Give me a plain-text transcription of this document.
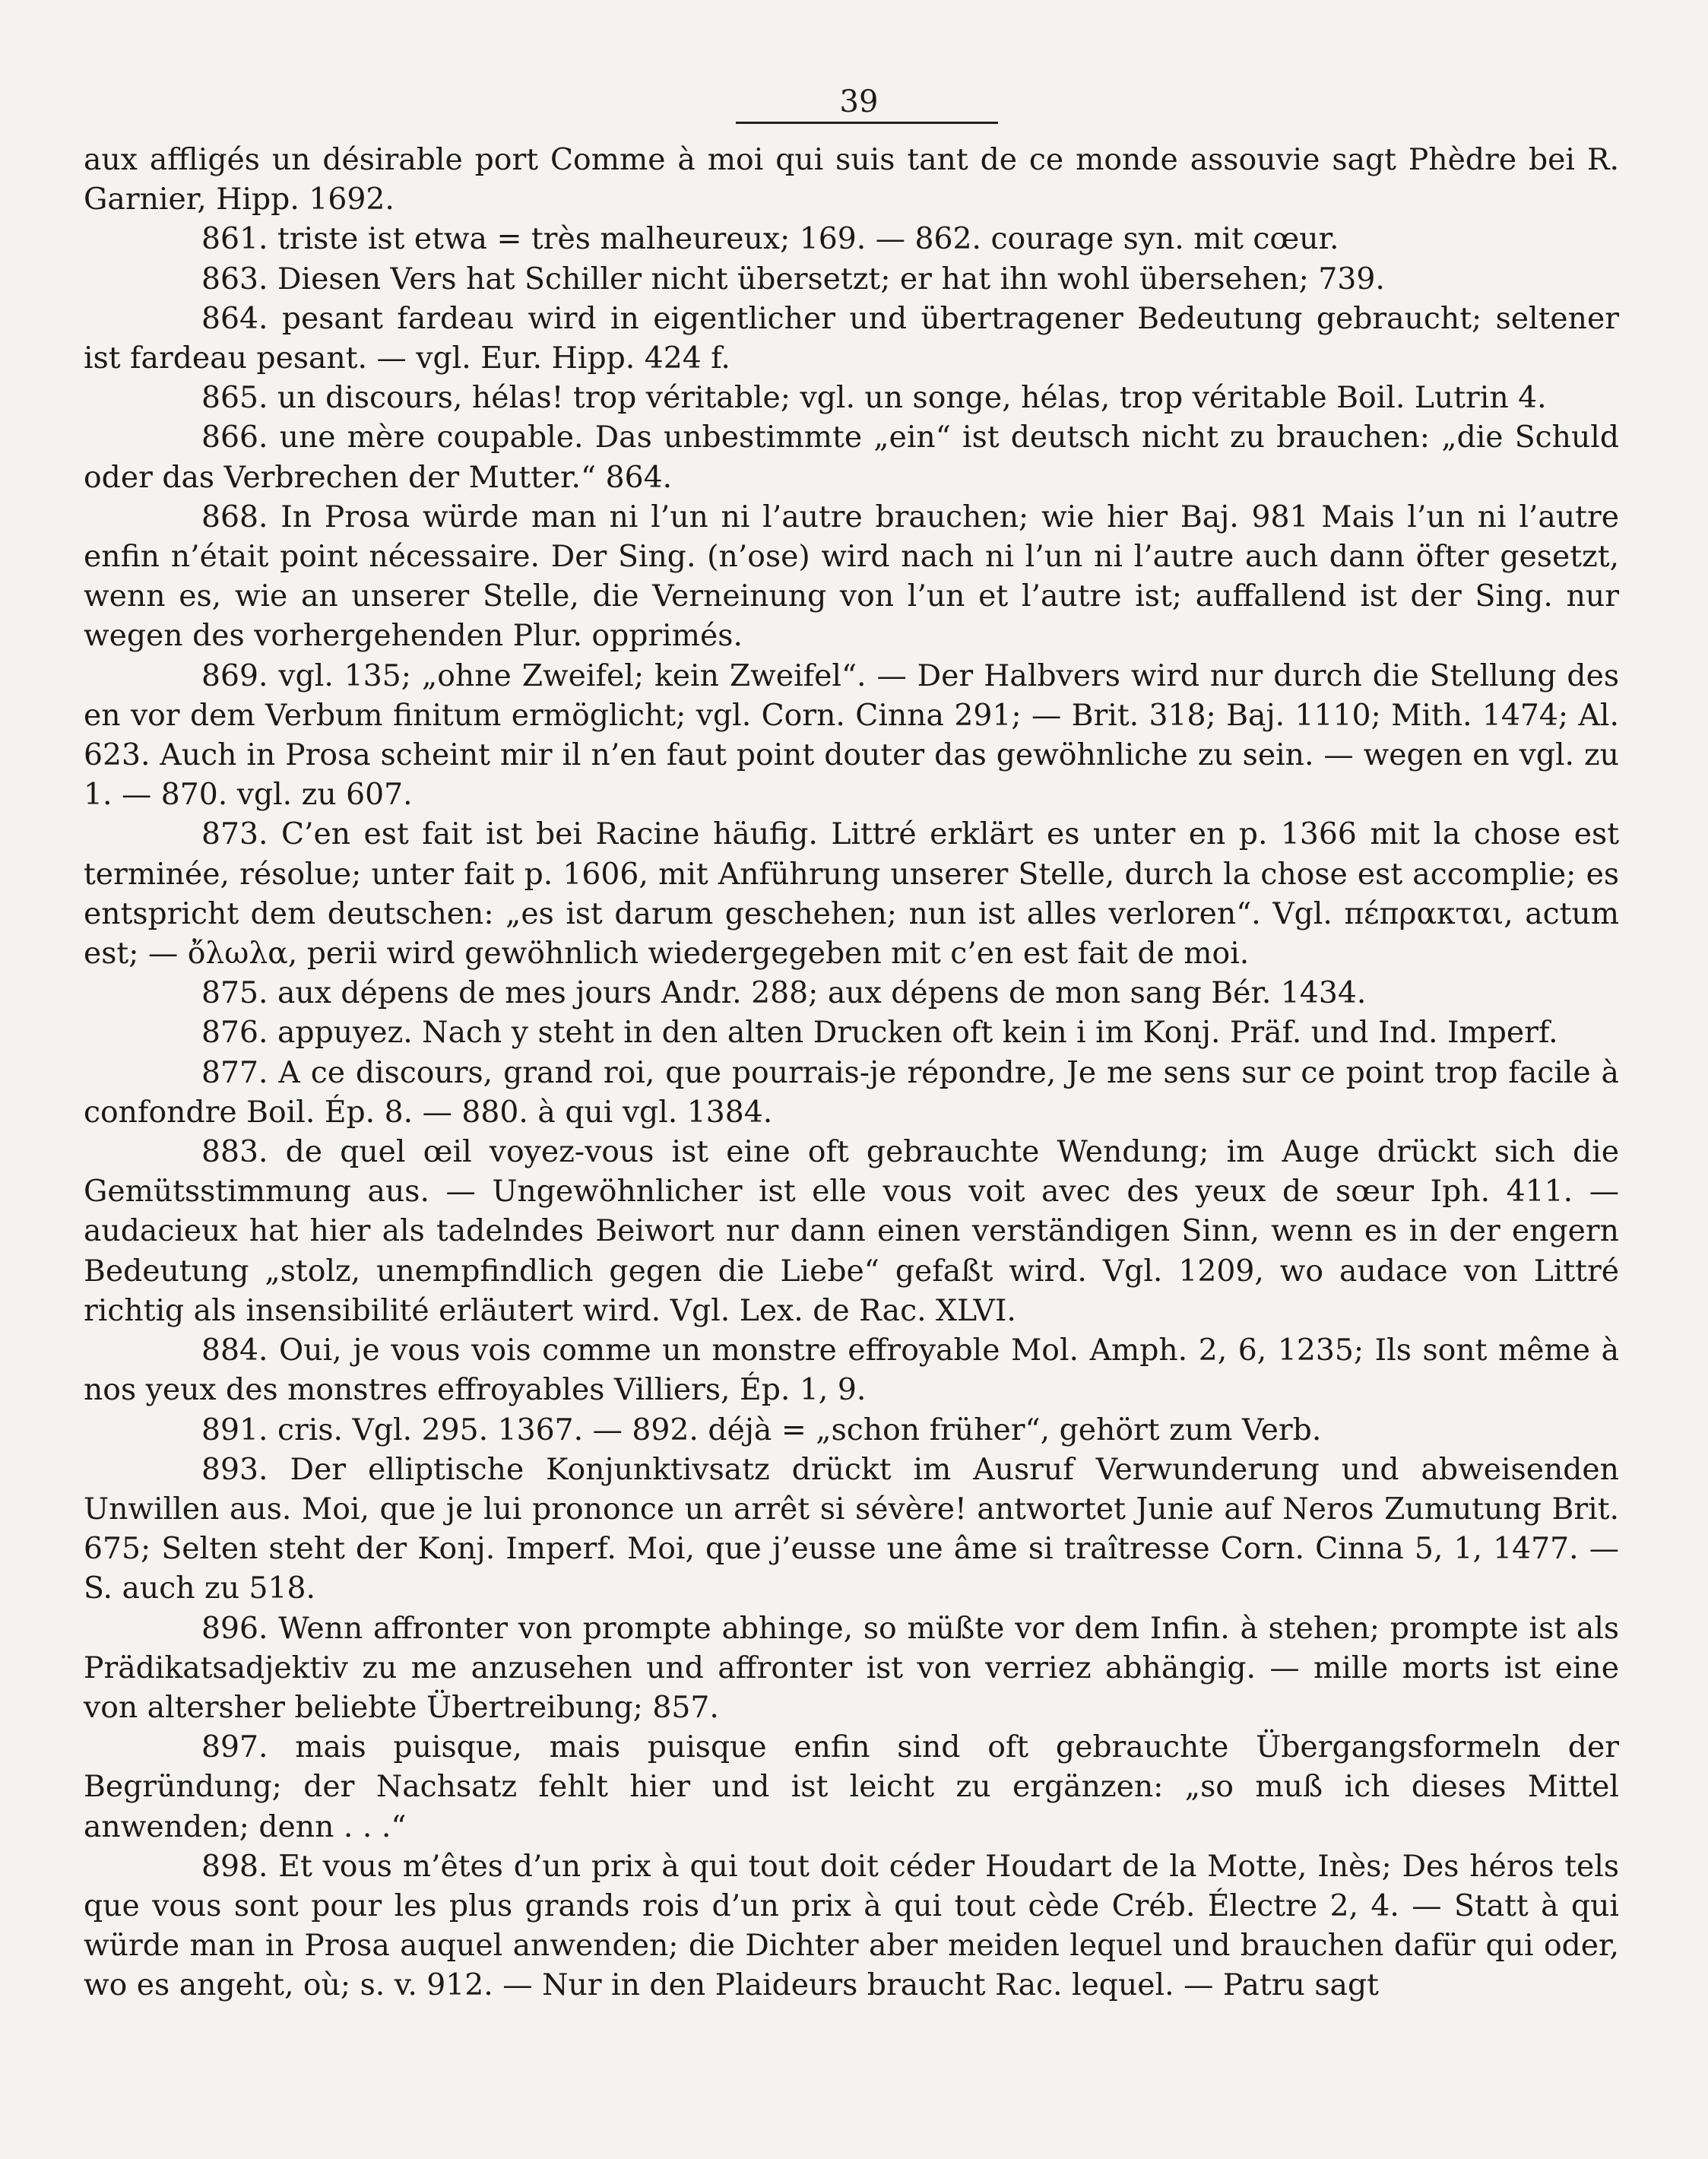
39

aux affligés un désirable port Comme à moi qui suis tant de ce monde assouvie sagt Phèdre bei R. Garnier, Hipp. 1692.

861. triste ist etwa = très malheureux; 169. — 862. courage syn. mit cœur.

863. Diesen Vers hat Schiller nicht übersetzt; er hat ihn wohl übersehen; 739.

864. pesant fardeau wird in eigentlicher und übertragener Bedeutung gebraucht; seltener ist fardeau pesant. — vgl. Eur. Hipp. 424 f.

865. un discours, hélas! trop véritable; vgl. un songe, hélas, trop véritable Boil. Lutrin 4.

866. une mère coupable. Das unbestimmte „ein“ ist deutsch nicht zu brauchen: „die Schuld oder das Verbrechen der Mutter.“ 864.

868. In Prosa würde man ni l’un ni l’autre brauchen; wie hier Baj. 981 Mais l’un ni l’autre enfin n’était point nécessaire. Der Sing. (n’ose) wird nach ni l’un ni l’autre auch dann öfter gesetzt, wenn es, wie an unserer Stelle, die Verneinung von l’un et l’autre ist; auffallend ist der Sing. nur wegen des vorhergehenden Plur. opprimés.

869. vgl. 135; „ohne Zweifel; kein Zweifel“. — Der Halbvers wird nur durch die Stellung des en vor dem Verbum finitum ermöglicht; vgl. Corn. Cinna 291; — Brit. 318; Baj. 1110; Mith. 1474; Al. 623. Auch in Prosa scheint mir il n’en faut point douter das gewöhnliche zu sein. — wegen en vgl. zu 1. — 870. vgl. zu 607.

873. C’en est fait ist bei Racine häufig. Littré erklärt es unter en p. 1366 mit la chose est terminée, résolue; unter fait p. 1606, mit Anführung unserer Stelle, durch la chose est accomplie; es entspricht dem deutschen: „es ist darum geschehen; nun ist alles verloren“. Vgl. πέπρακται, actum est; — ὄλωλα, perii wird gewöhnlich wiedergegeben mit c’en est fait de moi.

875. aux dépens de mes jours Andr. 288; aux dépens de mon sang Bér. 1434.

876. appuyez. Nach y steht in den alten Drucken oft kein i im Konj. Präf. und Ind. Imperf.

877. A ce discours, grand roi, que pourrais-je répondre, Je me sens sur ce point trop facile à confondre Boil. Ép. 8. — 880. à qui vgl. 1384.

883. de quel œil voyez-vous ist eine oft gebrauchte Wendung; im Auge drückt sich die Gemütsstimmung aus. — Ungewöhnlicher ist elle vous voit avec des yeux de sœur Iph. 411. — audacieux hat hier als tadelndes Beiwort nur dann einen verständigen Sinn, wenn es in der engern Bedeutung „stolz, unempfindlich gegen die Liebe“ gefaßt wird. Vgl. 1209, wo audace von Littré richtig als insensibilité erläutert wird. Vgl. Lex. de Rac. XLVI.

884. Oui, je vous vois comme un monstre effroyable Mol. Amph. 2, 6, 1235; Ils sont même à nos yeux des monstres effroyables Villiers, Ép. 1, 9.

891. cris. Vgl. 295. 1367. — 892. déjà = „schon früher“, gehört zum Verb.

893. Der elliptische Konjunktivsatz drückt im Ausruf Verwunderung und abweisenden Unwillen aus. Moi, que je lui prononce un arrêt si sévère! antwortet Junie auf Neros Zumutung Brit. 675; Selten steht der Konj. Imperf. Moi, que j’eusse une âme si traîtresse Corn. Cinna 5, 1, 1477. — S. auch zu 518.

896. Wenn affronter von prompte abhinge, so müßte vor dem Infin. à stehen; prompte ist als Prädikatsadjektiv zu me anzusehen und affronter ist von verriez abhängig. — mille morts ist eine von altersher beliebte Übertreibung; 857.

897. mais puisque, mais puisque enfin sind oft gebrauchte Übergangsformeln der Begründung; der Nachsatz fehlt hier und ist leicht zu ergänzen: „so muß ich dieses Mittel anwenden; denn . . .“

898. Et vous m’êtes d’un prix à qui tout doit céder Houdart de la Motte, Inès; Des héros tels que vous sont pour les plus grands rois d’un prix à qui tout cède Créb. Électre 2, 4. — Statt à qui würde man in Prosa auquel anwenden; die Dichter aber meiden lequel und brauchen dafür qui oder, wo es angeht, où; s. v. 912. — Nur in den Plaideurs braucht Rac. lequel. — Patru sagt
